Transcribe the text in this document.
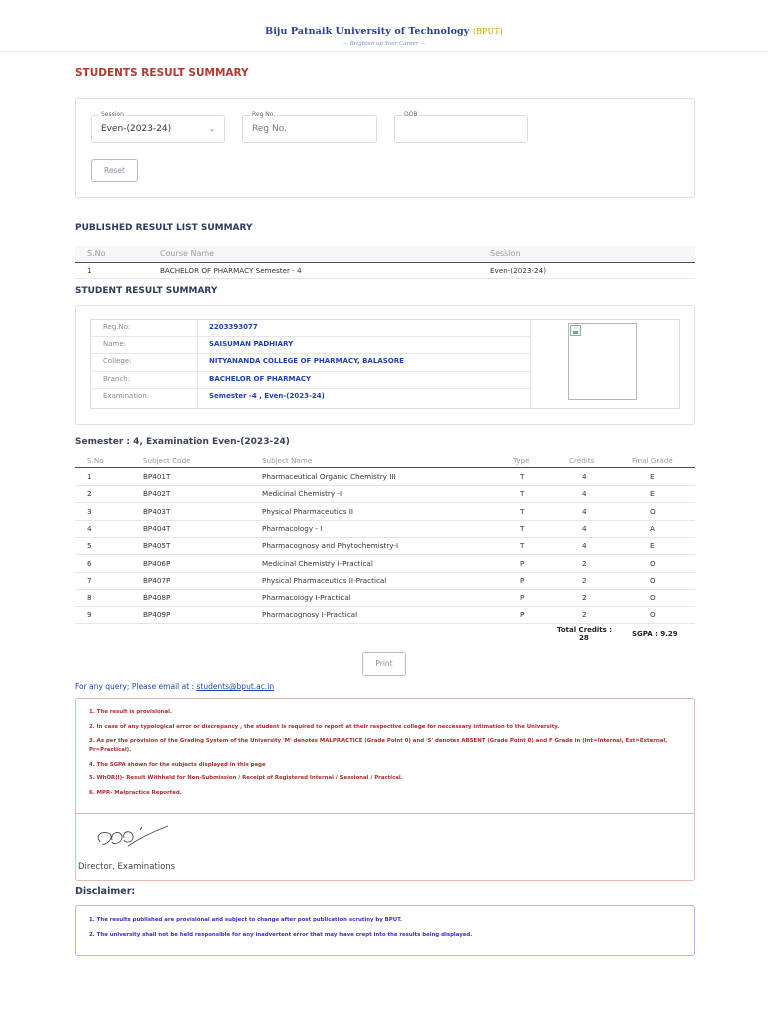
Biju Patnaik University of Technology (BPUT)
— Brighten up Your Career —
STUDENTS RESULT SUMMARY
Session
Even-(2023-24)	⌄
Reg No.
Reg No.
DOB
Reset
PUBLISHED RESULT LIST SUMMARY
S.No	Course Name	Session
1	BACHELOR OF PHARMACY Semester - 4	Even-(2023-24)
STUDENT RESULT SUMMARY
Reg.No:	2203393077
Name:	SAISUMAN PADHIARY
College:	NITYANANDA COLLEGE OF PHARMACY, BALASORE
Branch:	BACHELOR OF PHARMACY
Examination:	Semester -4 , Even-(2023-24)
Semester : 4, Examination Even-(2023-24)
S.No	Subject Code	Subject Name	Type	Credits	Final Grade
1	BP401T	Pharmaceutical Organic Chemistry III	T	4	E
2	BP402T	Medicinal Chemistry -I	T	4	E
3	BP403T	Physical Pharmaceutics II	T	4	O
4	BP404T	Pharmacology - I	T	4	A
5	BP405T	Pharmacognosy and Phytochemistry-I	T	4	E
6	BP406P	Medicinal Chemistry I-Practical	P	2	O
7	BP407P	Physical Pharmaceutics II-Practical	P	2	O
8	BP408P	Pharmacology I-Practical	P	2	O
9	BP409P	Pharmacognosy I-Practical	P	2	O
Total Credits :
28	SGPA : 9.29
Print
For any query; Please email at : students@bput.ac.in
1. The result is provisional.
2. In case of any typological error or discrepancy , the student is required to report at their respective college for neccessary intimation to the University.
3. As per the provision of the Grading System of the University 'M' denotes MALPRACTICE (Grade Point 0) and 'S' denotes ABSENT (Grade Point 0) and F Grade in (Int=Internal, Ext=External, Pr=Practical).
4. The SGPA shown for the subjects displayed in this page
5. WhOR(I)- Result Withheld for Non-Submission / Receipt of Registered Internal / Sessional / Practical.
6. MPR- Malpractice Reported.
Director, Examinations
Disclaimer:
1. The results published are provisional and subject to change after post publication scrutiny by BPUT.
2. The university shall not be held responsible for any inadvertent error that may have crept into the results being displayed.
